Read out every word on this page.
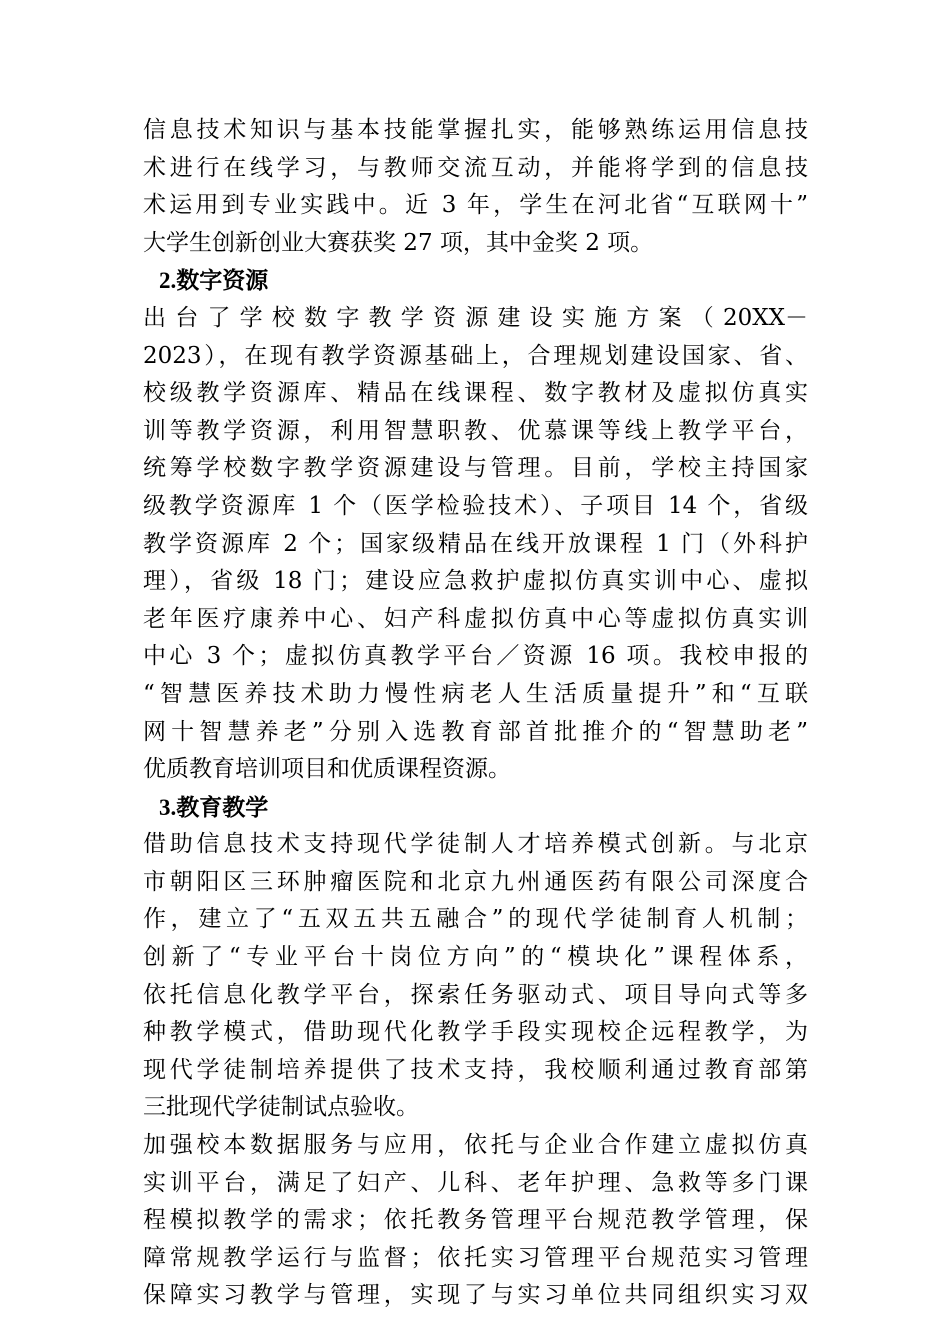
信息技术知识与基本技能掌握扎实，能够熟练运用信息技
术进行在线学习，与教师交流互动，并能将学到的信息技
术运用到专业实践中。近 3 年，学生在河北省“互联网十”
大学生创新创业大赛获奖 27 项，其中金奖 2 项。
2.数字资源
出台了学校数字教学资源建设实施方案（20XX－
2023），在现有教学资源基础上，合理规划建设国家、省、
校级教学资源库、精品在线课程、数字教材及虚拟仿真实
训等教学资源，利用智慧职教、优慕课等线上教学平台，
统筹学校数字教学资源建设与管理。目前，学校主持国家
级教学资源库 1 个（医学检验技术）、子项目 14 个，省级
教学资源库 2 个；国家级精品在线开放课程 1 门（外科护
理），省级 18 门；建设应急救护虚拟仿真实训中心、虚拟
老年医疗康养中心、妇产科虚拟仿真中心等虚拟仿真实训
中心 3 个；虚拟仿真教学平台／资源 16 项。我校申报的
“智慧医养技术助力慢性病老人生活质量提升”和“互联
网十智慧养老”分别入选教育部首批推介的“智慧助老”
优质教育培训项目和优质课程资源。
3.教育教学
借助信息技术支持现代学徒制人才培养模式创新。与北京
市朝阳区三环肿瘤医院和北京九州通医药有限公司深度合
作，建立了“五双五共五融合”的现代学徒制育人机制；
创新了“专业平台十岗位方向”的“模块化”课程体系，
依托信息化教学平台，探索任务驱动式、项目导向式等多
种教学模式，借助现代化教学手段实现校企远程教学，为
现代学徒制培养提供了技术支持，我校顺利通过教育部第
三批现代学徒制试点验收。
加强校本数据服务与应用，依托与企业合作建立虚拟仿真
实训平台，满足了妇产、儿科、老年护理、急救等多门课
程模拟教学的需求；依托教务管理平台规范教学管理，保
障常规教学运行与监督；依托实习管理平台规范实习管理
保障实习教学与管理，实现了与实习单位共同组织实习双
